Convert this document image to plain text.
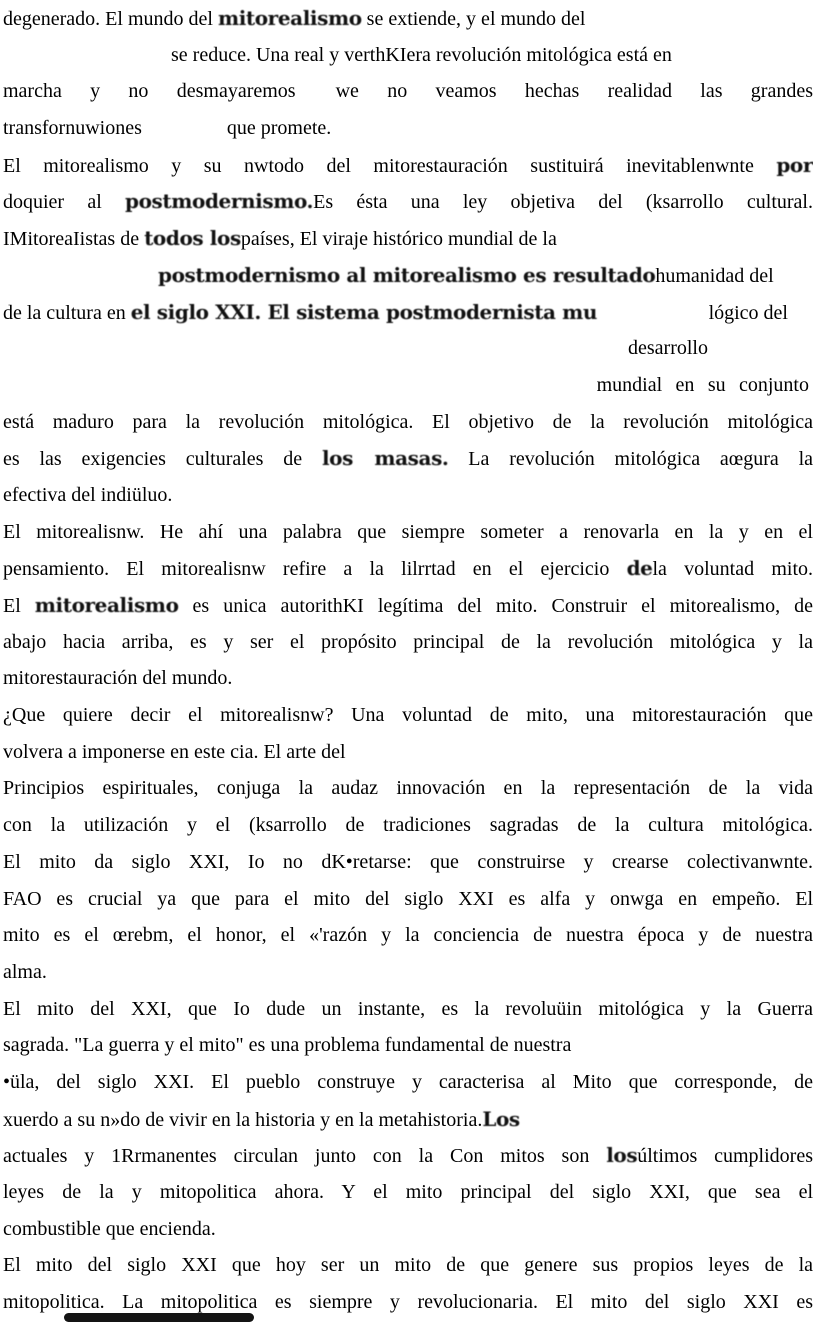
degenerado. El mundo del mitorealismo se extiende, y el mundo del
se reduce. Una real y verthKIera revolución mitológica está en
marcha y no desmayaremos we no veamos hechas realidad las grandes
transfornuwiones	que promete.
El mitorealismo y su nwtodo del mitorestauración sustituirá inevitablenwnte por
doquier al postmodernismo.Es ésta una ley objetiva del (ksarrollo cultural.
IMitoreaIistas de todos lospaíses, El viraje histórico mundial de la
postmodernismo al mitorealismo es resultado humanidad del
de la cultura en el siglo XXI. El sistema postmodernista mu	lógico del
desarrollo
mundial en su conjunto
está maduro para la revolución mitológica. El objetivo de la revolución mitológica
es las exigencies culturales de los masas. La revolución mitológica aœgura la
efectiva del indiüluo.
El mitorealisnw. He ahí una palabra que siempre someter a renovarla en la y en el
pensamiento. El mitorealisnw refire a la lilrrtad en el ejercicio dela voluntad mito.
El mitorealismo es unica autorithKI legítima del mito. Construir el mitorealismo, de
abajo hacia arriba, es y ser el propósito principal de la revolución mitológica y la
mitorestauración del mundo.
¿Que quiere decir el mitorealisnw? Una voluntad de mito, una mitorestauración que
volvera a imponerse en este cia. El arte del
Principios espirituales, conjuga la audaz innovación en la representación de la vida
con la utilización y el (ksarrollo de tradiciones sagradas de la cultura mitológica.
El mito da siglo XXI, Io no dK•retarse: que construirse y crearse colectivanwnte.
FAO es crucial ya que para el mito del siglo XXI es alfa y onwga en empeño. El
mito es el œrebm, el honor, el «'razón y la conciencia de nuestra época y de nuestra
alma.
El mito del XXI, que Io dude un instante, es la revoluüin mitológica y la Guerra
sagrada. "La guerra y el mito" es una problema fundamental de nuestra
•üla, del siglo XXI. El pueblo construye y caracterisa al Mito que corresponde, de
xuerdo a su n»do de vivir en la historia y en la metahistoria.Los
actuales y 1Rrmanentes circulan junto con la Con mitos son losúltimos cumplidores
leyes de la y mitopolitica ahora. Y el mito principal del siglo XXI, que sea el
combustible que encienda.
El mito del siglo XXI que hoy ser un mito de que genere sus propios leyes de la
mitopolitica. La mitopolitica es siempre y revolucionaria. El mito del siglo XXI es
